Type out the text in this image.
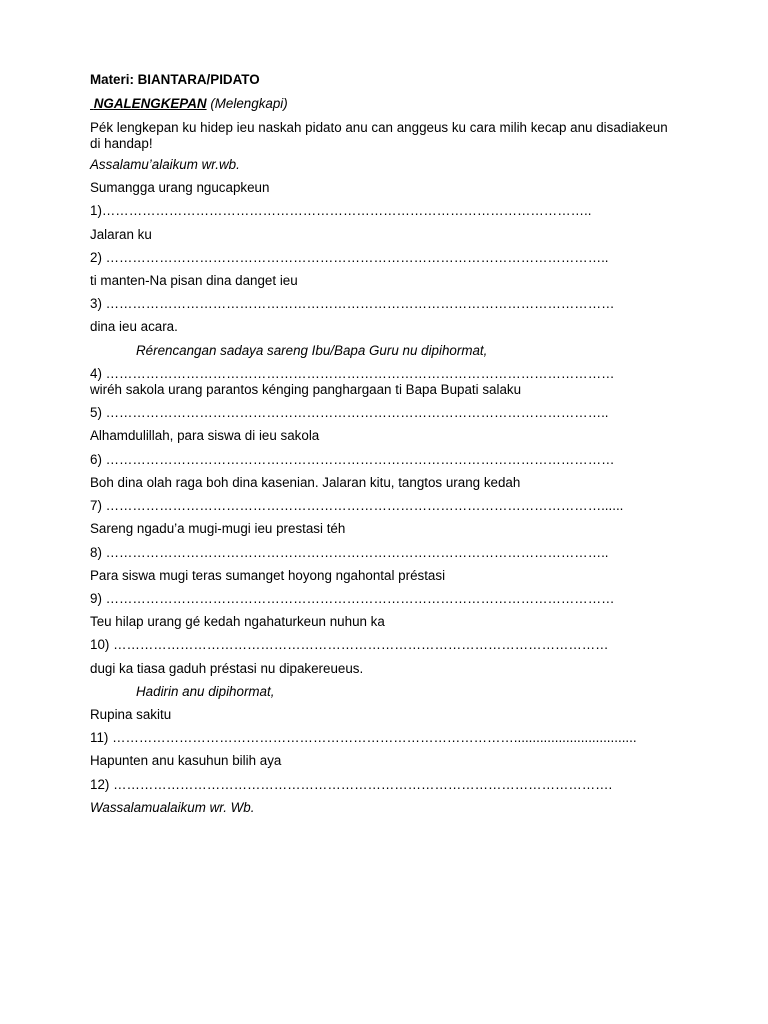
Materi: BIANTARA/PIDATO
NGALENGKEPAN (Melengkapi)
Pék lengkepan ku hidep ieu naskah pidato anu can anggeus ku cara milih kecap anu disadiakeun di handap!
Assalamu’alaikum wr.wb.
Sumangga urang ngucapkeun
1)………………………………………………………………………………………………..
Jalaran ku
2) …………………………………………………………………………………………………..
ti manten-Na pisan dina danget ieu
3) ……………………………………………………………………………………………………
dina ieu acara.
Rérencangan sadaya sareng Ibu/Bapa Guru nu dipihormat,
4) ……………………………………………………………………………………………………
wiréh sakola urang parantos kénging panghargaan ti Bapa Bupati salaku
5) …………………………………………………………………………………………………..
Alhamdulillah, para siswa di ieu sakola
6) ……………………………………………………………………………………………………
Boh dina olah raga boh dina kasenian. Jalaran kitu, tangtos urang kedah
7) …………………………………………………………………………………………………......
Sareng ngadu’a mugi-mugi ieu prestasi téh
8) …………………………………………………………………………………………………..
Para siswa mugi teras sumanget hoyong ngahontal préstasi
9) ……………………………………………………………………………………………………
Teu hilap urang gé kedah ngahaturkeun nuhun ka
10) …………………………………………………………………………………………………
dugi ka tiasa gaduh préstasi nu dipakereueus.
Hadirin anu dipihormat,
Rupina sakitu
11) ……………………………………………………………………………….................................
Hapunten anu kasuhun bilih aya
12) ………………………………………………………………………………………………….
Wassalamualaikum wr. Wb.
